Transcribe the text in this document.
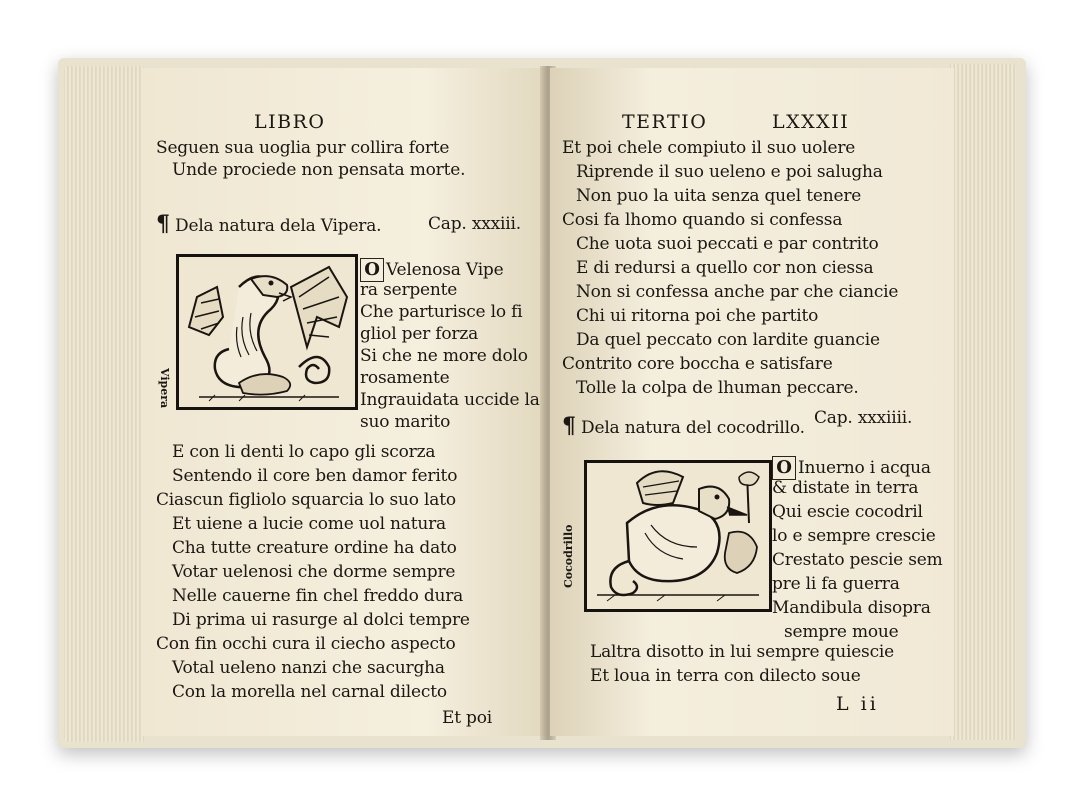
LIBRO
Seguen sua uoglia pur collira forte
Unde prociede non pensata morte.
¶ Dela natura dela Vipera.	Cap. xxxiii.
Vipera
O Velenosa Vipe
ra serpente
Che parturisce lo fi
gliol per forza
Si che ne more dolo
rosamente
Ingrauidata uccide la
suo marito
E con li denti lo capo gli scorza
Sentendo il core ben damor ferito
Ciascun figliolo squarcia lo suo lato
Et uiene a lucie come uol natura
Cha tutte creature ordine ha dato
Votar uelenosi che dorme sempre
Nelle cauerne fin chel freddo dura
Di prima ui rasurge al dolci tempre
Con fin occhi cura il ciecho aspecto
Votal ueleno nanzi che sacurgha
Con la morella nel carnal dilecto
Et poi
TERTIO	LXXXII
Et poi chele compiuto il suo uolere
Riprende il suo ueleno e poi salugha
Non puo la uita senza quel tenere
Cosi fa lhomo quando si confessa
Che uota suoi peccati e par contrito
E di redursi a quello cor non ciessa
Non si confessa anche par che ciancie
Chi ui ritorna poi che partito
Da quel peccato con lardite guancie
Contrito core boccha e satisfare
Tolle la colpa de lhuman peccare.
¶ Dela natura del cocodrillo. Cap. xxxiiii.
Cocodrillo
O Inuerno i acqua
& distate in terra
Qui escie cocodril
lo e sempre crescie
Crestato pescie sem
pre li fa guerra
Mandibula disopra
sempre moue
Laltra disotto in lui sempre quiescie
Et loua in terra con dilecto soue
L ii
